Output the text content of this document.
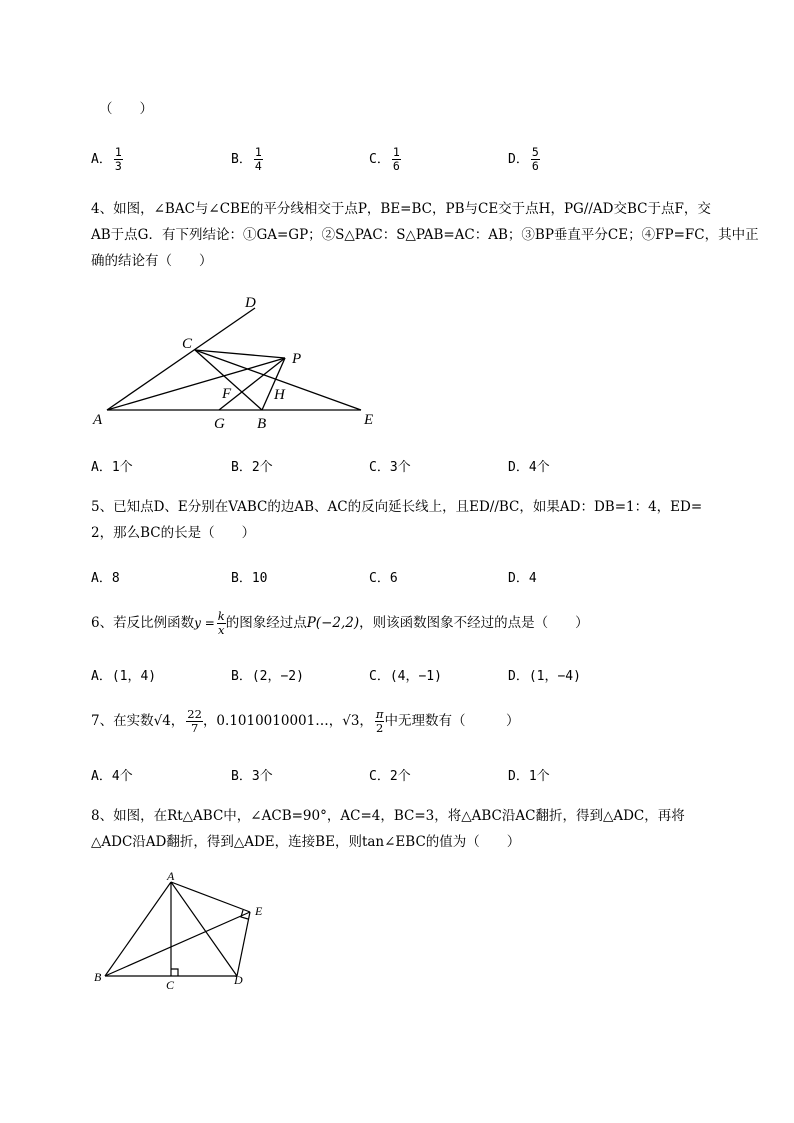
（　　）
A． $\frac{1}{3}$	B． $\frac{1}{4}$	C． $\frac{1}{6}$	D． $\frac{5}{6}$
4、如图，∠BAC与∠CBE的平分线相交于点P，BE=BC，PB与CE交于点H，PG//AD交BC于点F，交
AB于点G．有下列结论：①GA=GP；②S△PAC：S△PAB=AC：AB；③BP垂直平分CE；④FP=FC，其中正
确的结论有（　　）
A
C
D
P
E
B
G
F	H
A．1个	B．2个	C．3个	D．4个
5、已知点D、E分别在VABC的边AB、AC的反向延长线上，且ED//BC，如果AD：DB=1：4，ED=
2，那么BC的长是（　　）
A．8	B．10	C．6	D．4
6、若反比例函数$y = \frac{k}{x}$ 的图象经过点P(−2,2)，则该函数图象不经过的点是（　　）
A．(1，4)	B．(2，−2)	C．(4，−1)	D．(1，−4)
7、在实数√4， $\frac{22}{7}$ ，0.1010010001…，√3， $\frac{\pi}{2}$ 中无理数有（　　　）
A．4个	B．3个	C．2个	D．1个
8、如图，在Rt△ABC中，∠ACB=90°，AC=4，BC=3，将△ABC沿AC翻折，得到△ADC，再将
△ADC沿AD翻折，得到△ADE，连接BE，则tan∠EBC的值为（　　）
A
B
C	D
E
